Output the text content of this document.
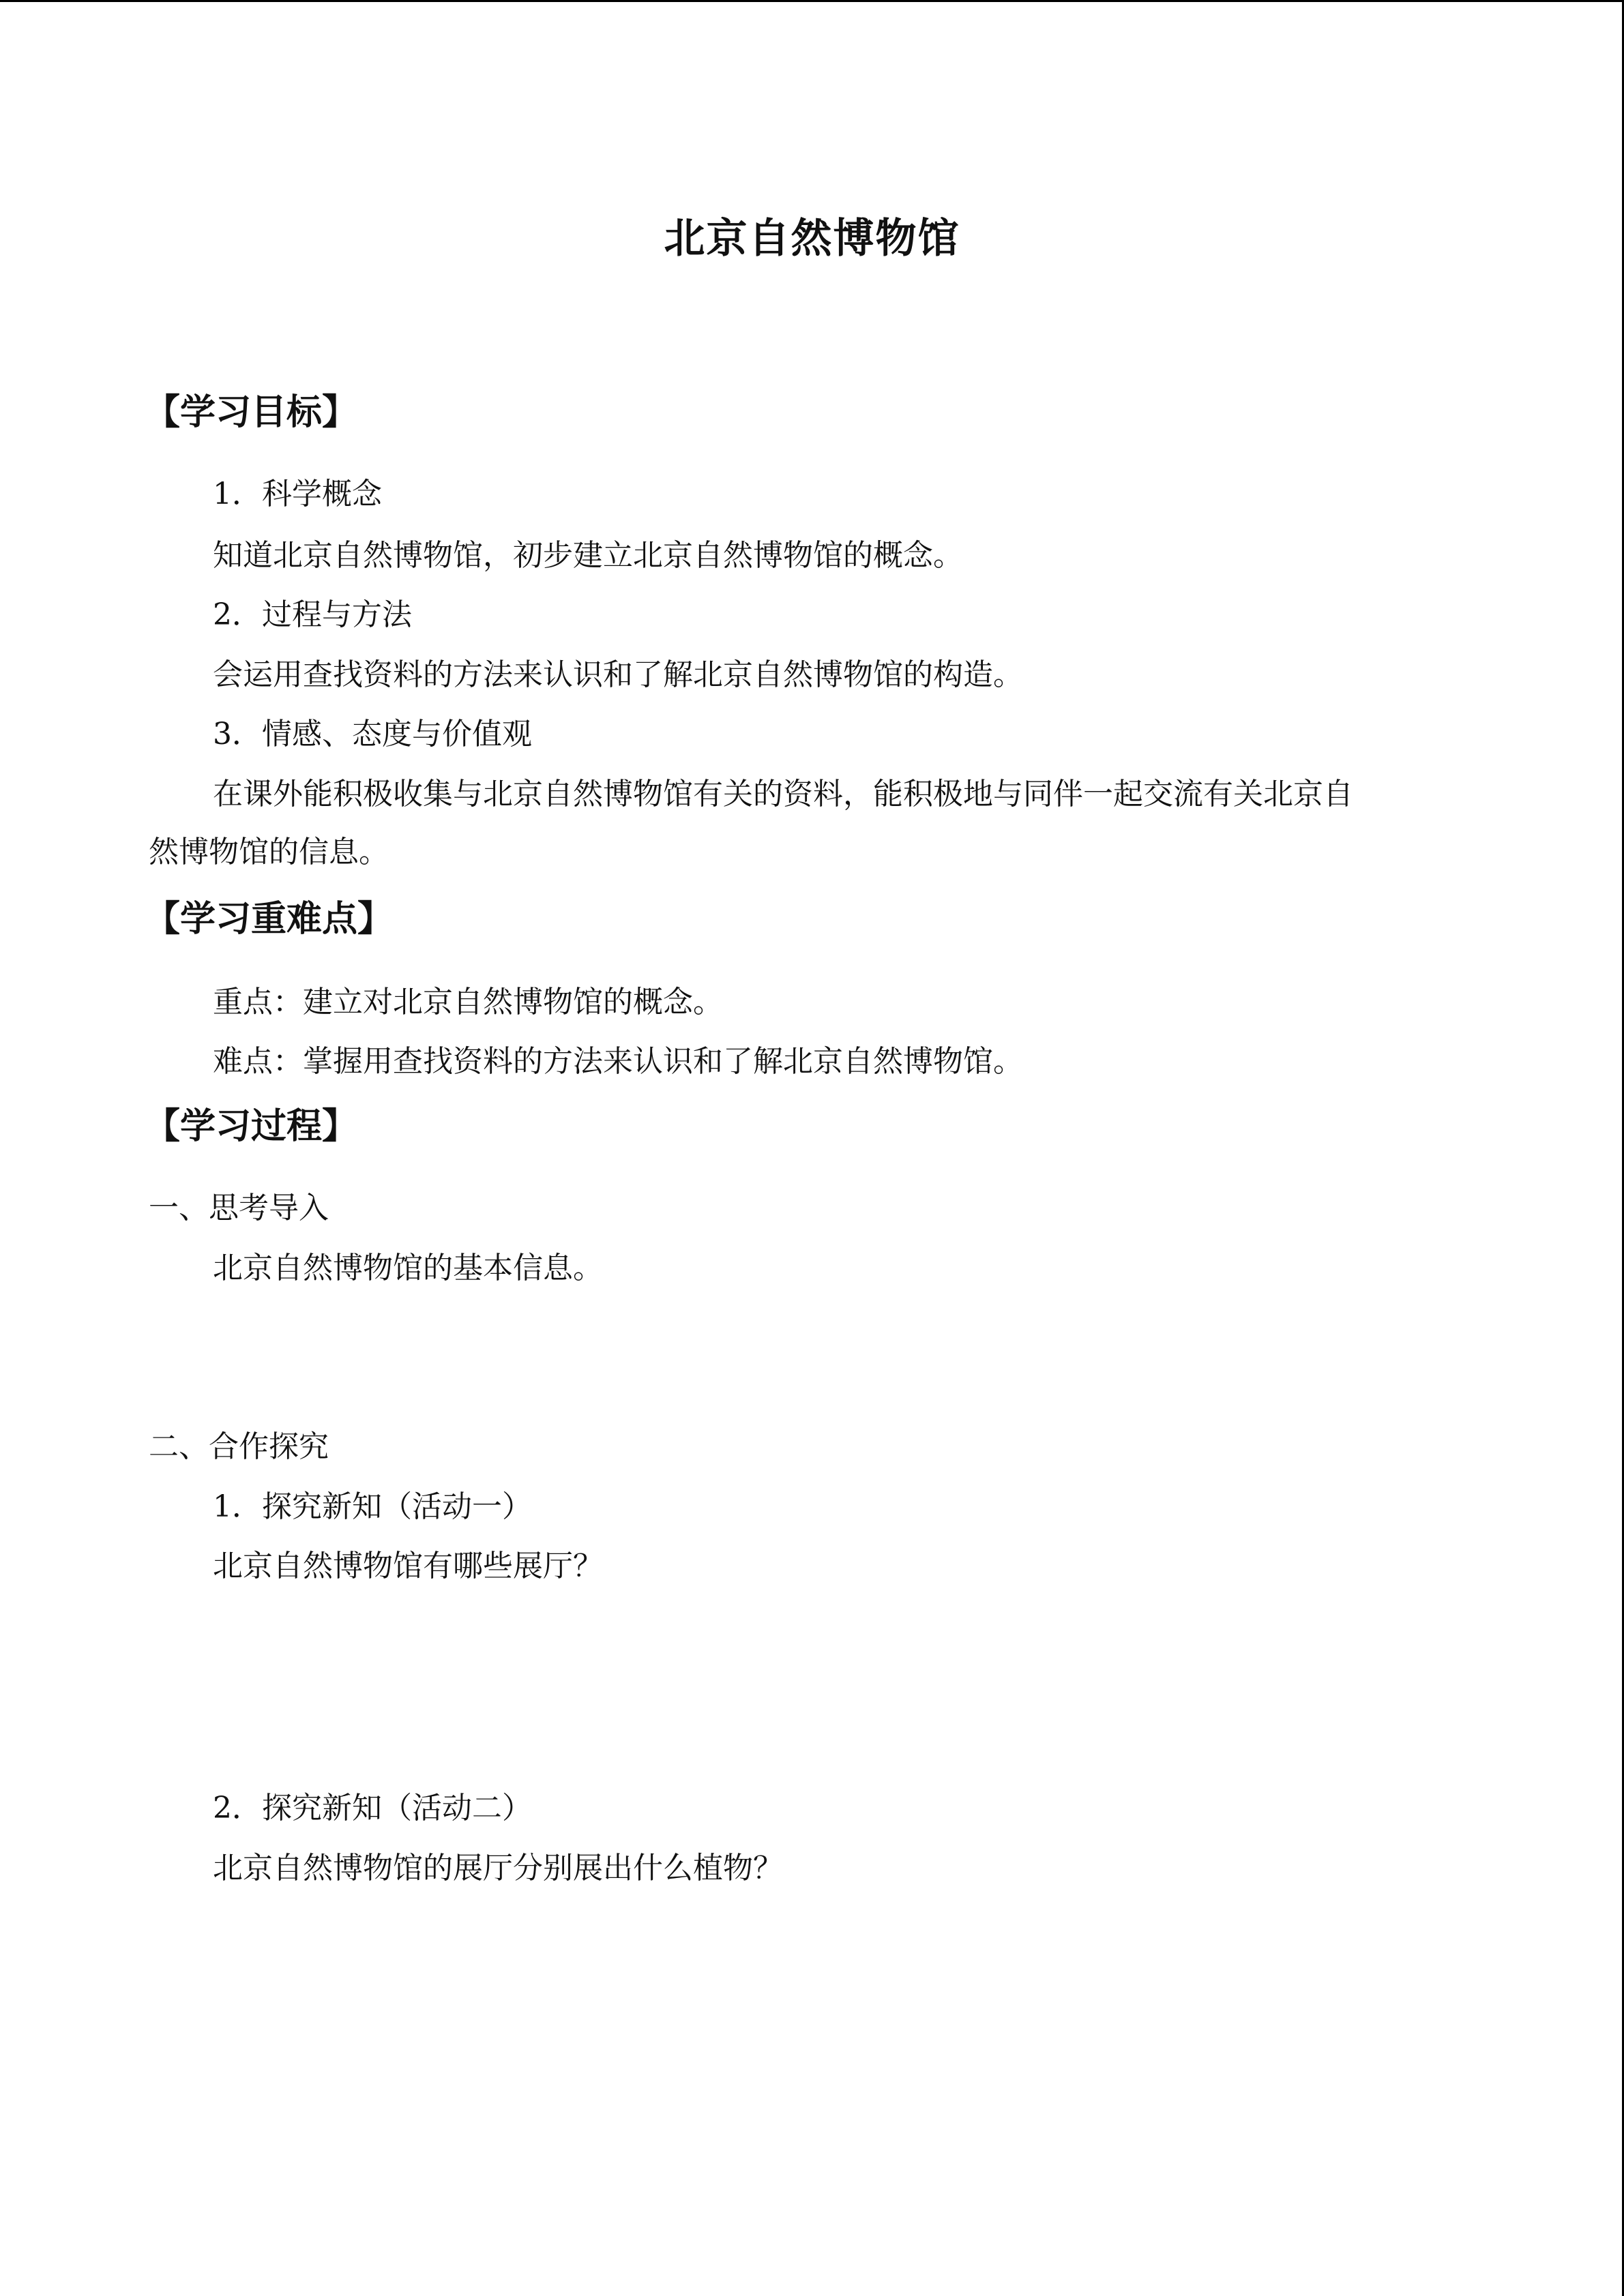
北京自然博物馆
【学习目标】
1．科学概念
知道北京自然博物馆，初步建立北京自然博物馆的概念。
2．过程与方法
会运用查找资料的方法来认识和了解北京自然博物馆的构造。
3．情感、态度与价值观
在课外能积极收集与北京自然博物馆有关的资料，能积极地与同伴一起交流有关北京自
然博物馆的信息。
【学习重难点】
重点：建立对北京自然博物馆的概念。
难点：掌握用查找资料的方法来认识和了解北京自然博物馆。
【学习过程】
一、思考导入
北京自然博物馆的基本信息。
二、合作探究
1．探究新知（活动一）
北京自然博物馆有哪些展厅？
2．探究新知（活动二）
北京自然博物馆的展厅分别展出什么植物？
